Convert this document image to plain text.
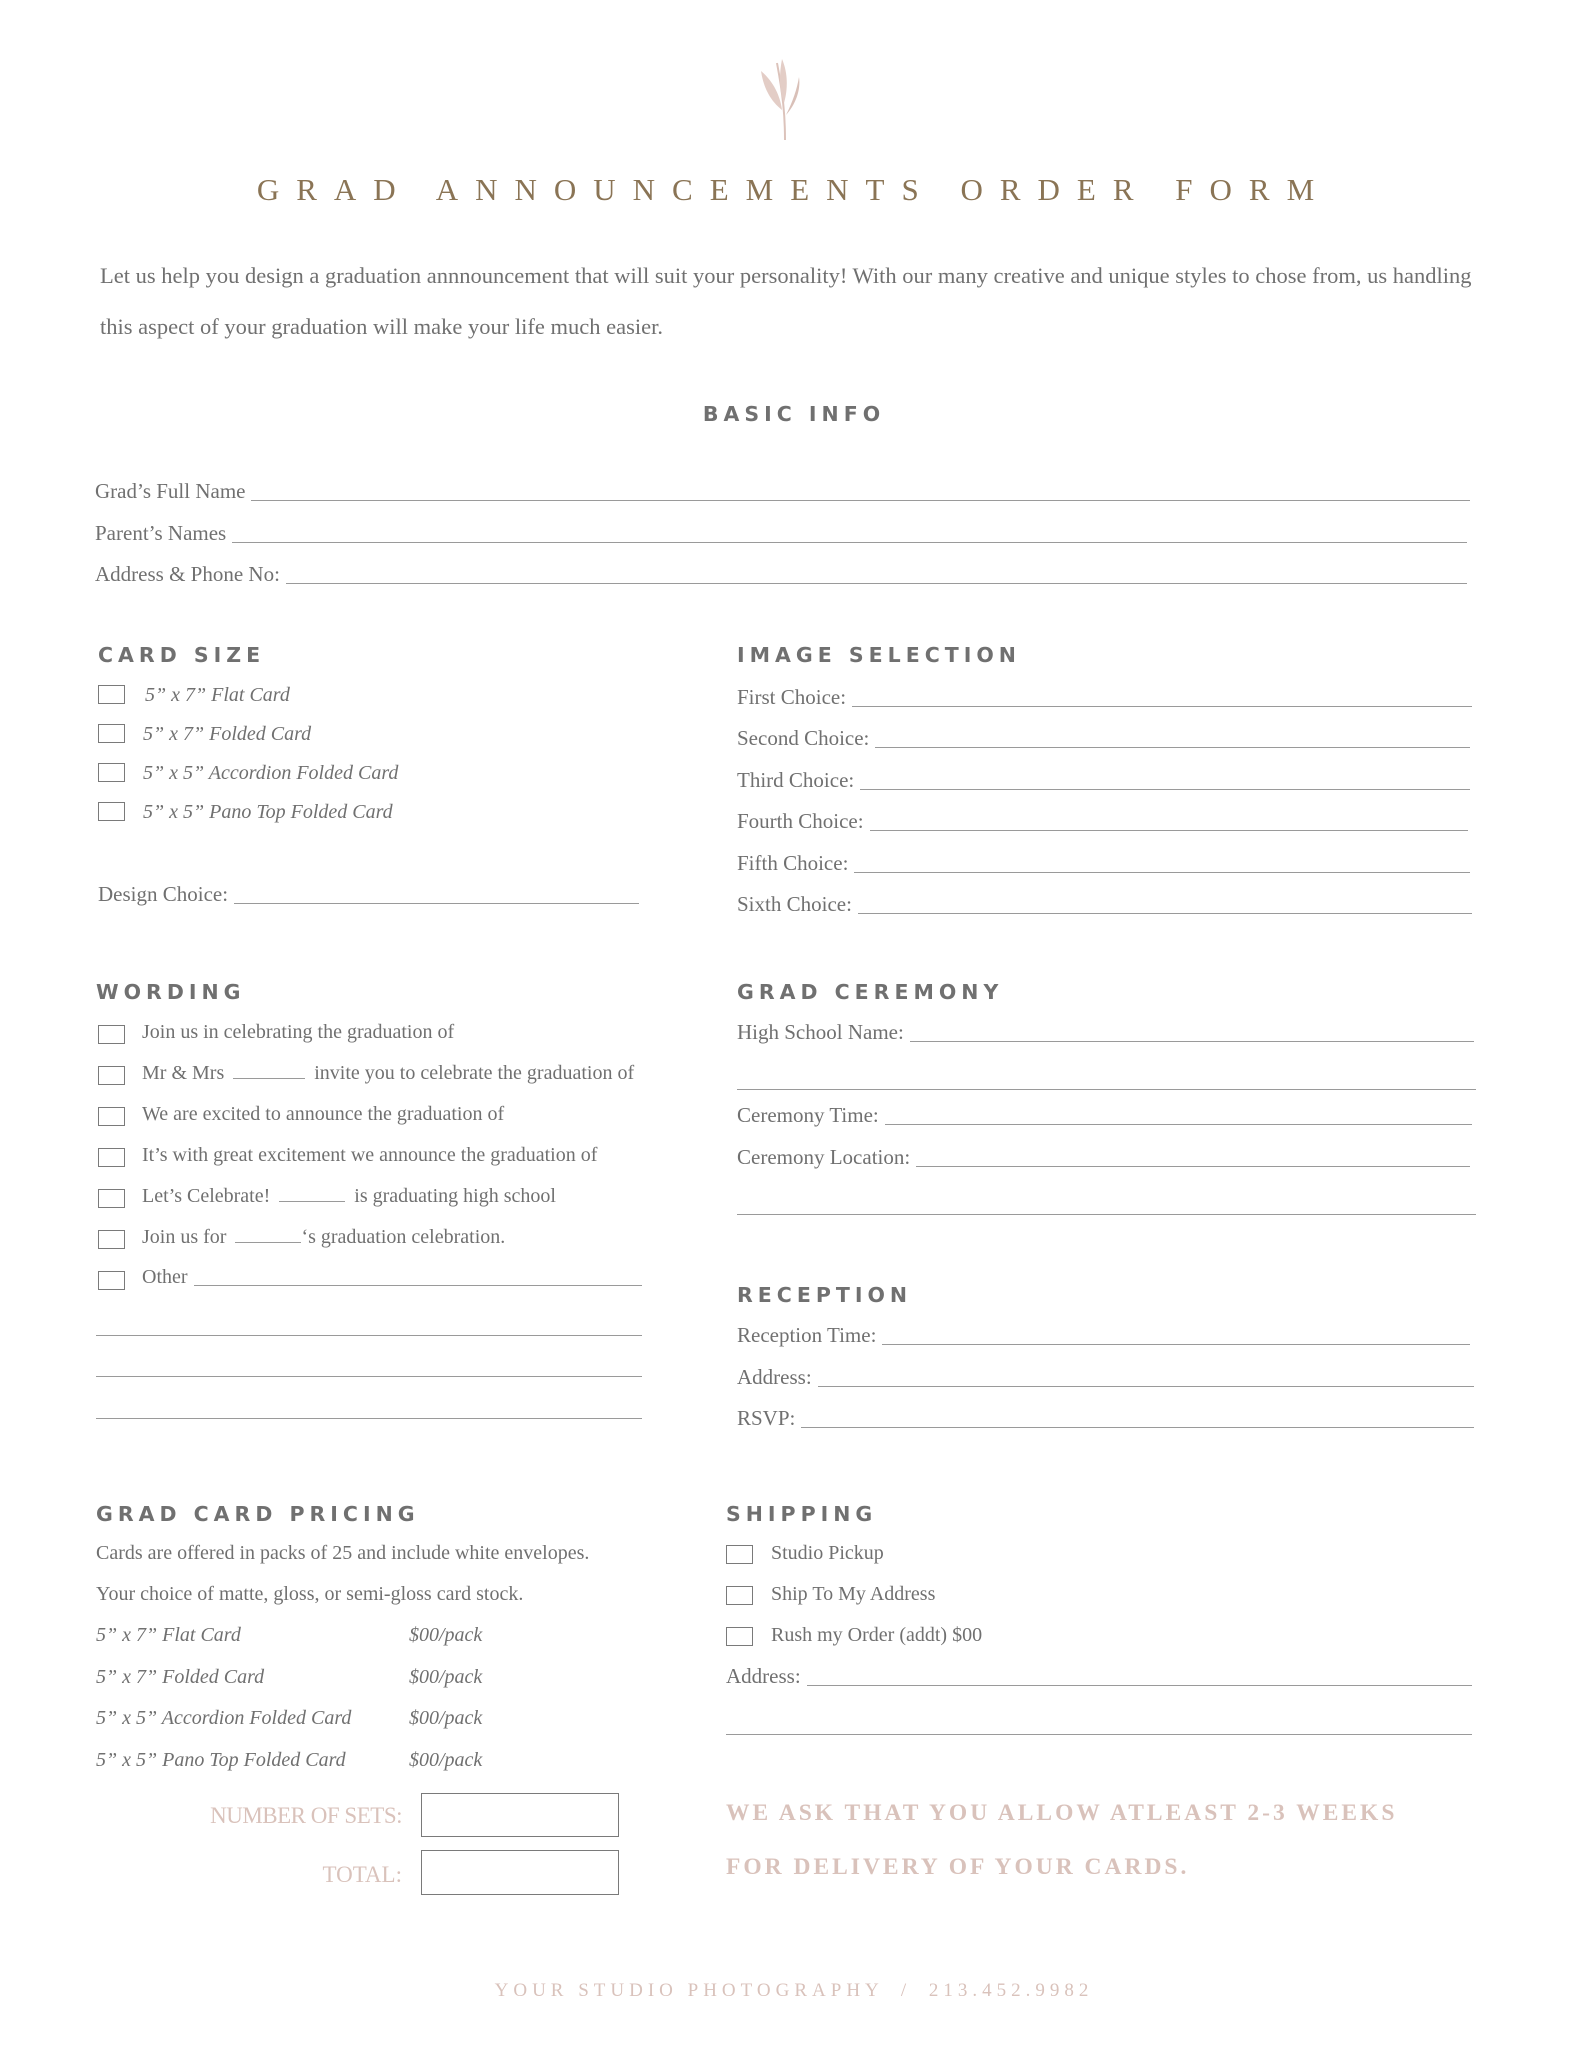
GRAD ANNOUNCEMENTS ORDER FORM
Let us help you design a graduation annnouncement that will suit your personality! With our many creative and unique styles to chose from, us handling this aspect of your graduation will make your life much easier.
BASIC INFO
Grad’s Full Name
Parent’s Names
Address & Phone No:
CARD SIZE
5” x 7” Flat Card
5” x 7” Folded Card
5” x 5” Accordion Folded Card
5” x 5” Pano Top Folded Card
Design Choice:
IMAGE SELECTION
First Choice:
Second Choice:
Third Choice:
Fourth Choice:
Fifth Choice:
Sixth Choice:
WORDING
Join us in celebrating the graduation of
Mr & Mrs	invite you to celebrate the graduation of
We are excited to announce the graduation of
It’s with great excitement we announce the graduation of
Let’s Celebrate!	is graduating high school
Join us for	‘s graduation celebration.
Other
GRAD CEREMONY
High School Name:
Ceremony Time:
Ceremony Location:
RECEPTION
Reception Time:
Address:
RSVP:
GRAD CARD PRICING
Cards are offered in packs of 25 and include white envelopes.
Your choice of matte, gloss, or semi-gloss card stock.
5” x 7” Flat Card	$00/pack
5” x 7” Folded Card	$00/pack
5” x 5” Accordion Folded Card	$00/pack
5” x 5” Pano Top Folded Card	$00/pack
NUMBER OF SETS:
TOTAL:
SHIPPING
Studio Pickup
Ship To My Address
Rush my Order (addt) $00
Address:
WE ASK THAT YOU ALLOW ATLEAST 2-3 WEEKS
FOR DELIVERY OF YOUR CARDS.
YOUR STUDIO PHOTOGRAPHY / 213.452.9982
